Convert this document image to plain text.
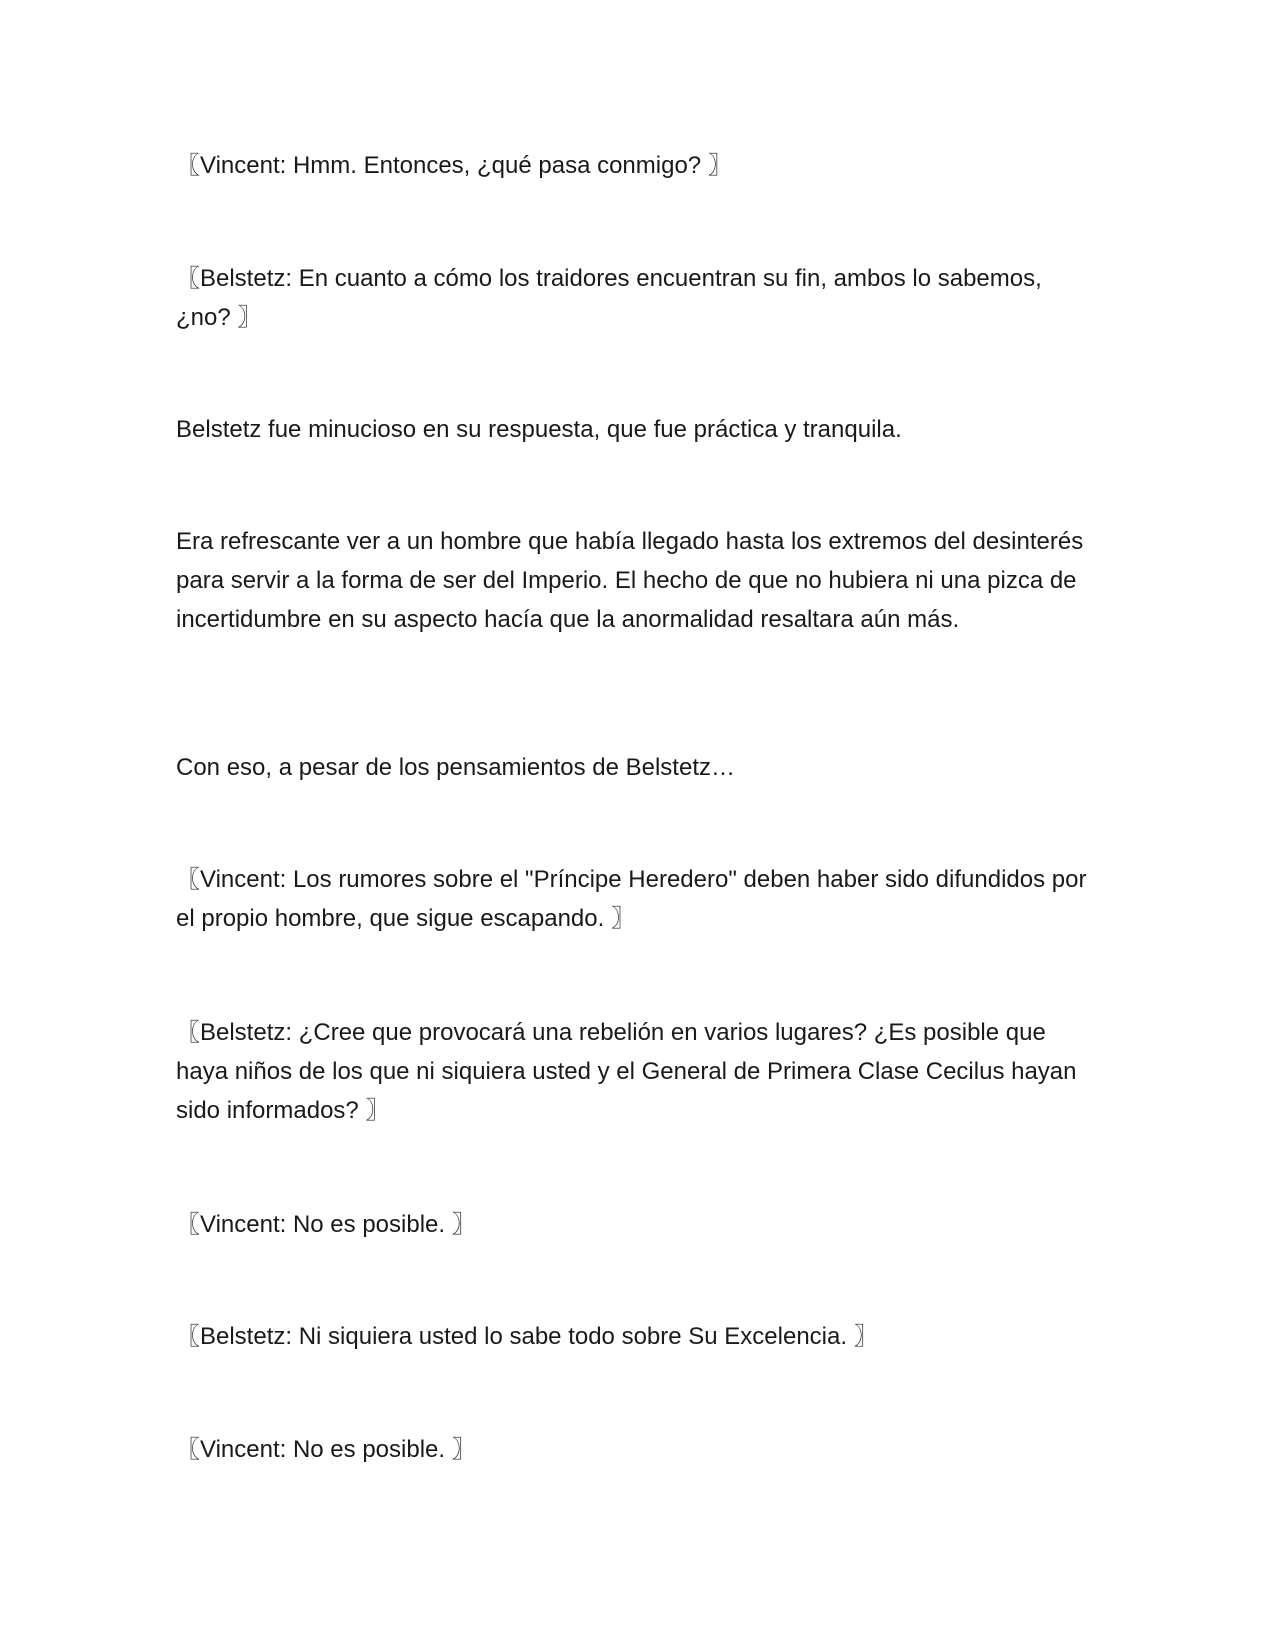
〖Vincent: Hmm. Entonces, ¿qué pasa conmigo? 〗

〖Belstetz: En cuanto a cómo los traidores encuentran su fin, ambos lo sabemos, ¿no? 〗

Belstetz fue minucioso en su respuesta, que fue práctica y tranquila.

Era refrescante ver a un hombre que había llegado hasta los extremos del desinterés para servir a la forma de ser del Imperio. El hecho de que no hubiera ni una pizca de incertidumbre en su aspecto hacía que la anormalidad resaltara aún más.

Con eso, a pesar de los pensamientos de Belstetz…

〖Vincent: Los rumores sobre el "Príncipe Heredero" deben haber sido difundidos por el propio hombre, que sigue escapando. 〗

〖Belstetz: ¿Cree que provocará una rebelión en varios lugares? ¿Es posible que haya niños de los que ni siquiera usted y el General de Primera Clase Cecilus hayan sido informados? 〗

〖Vincent: No es posible. 〗

〖Belstetz: Ni siquiera usted lo sabe todo sobre Su Excelencia. 〗

〖Vincent: No es posible. 〗
